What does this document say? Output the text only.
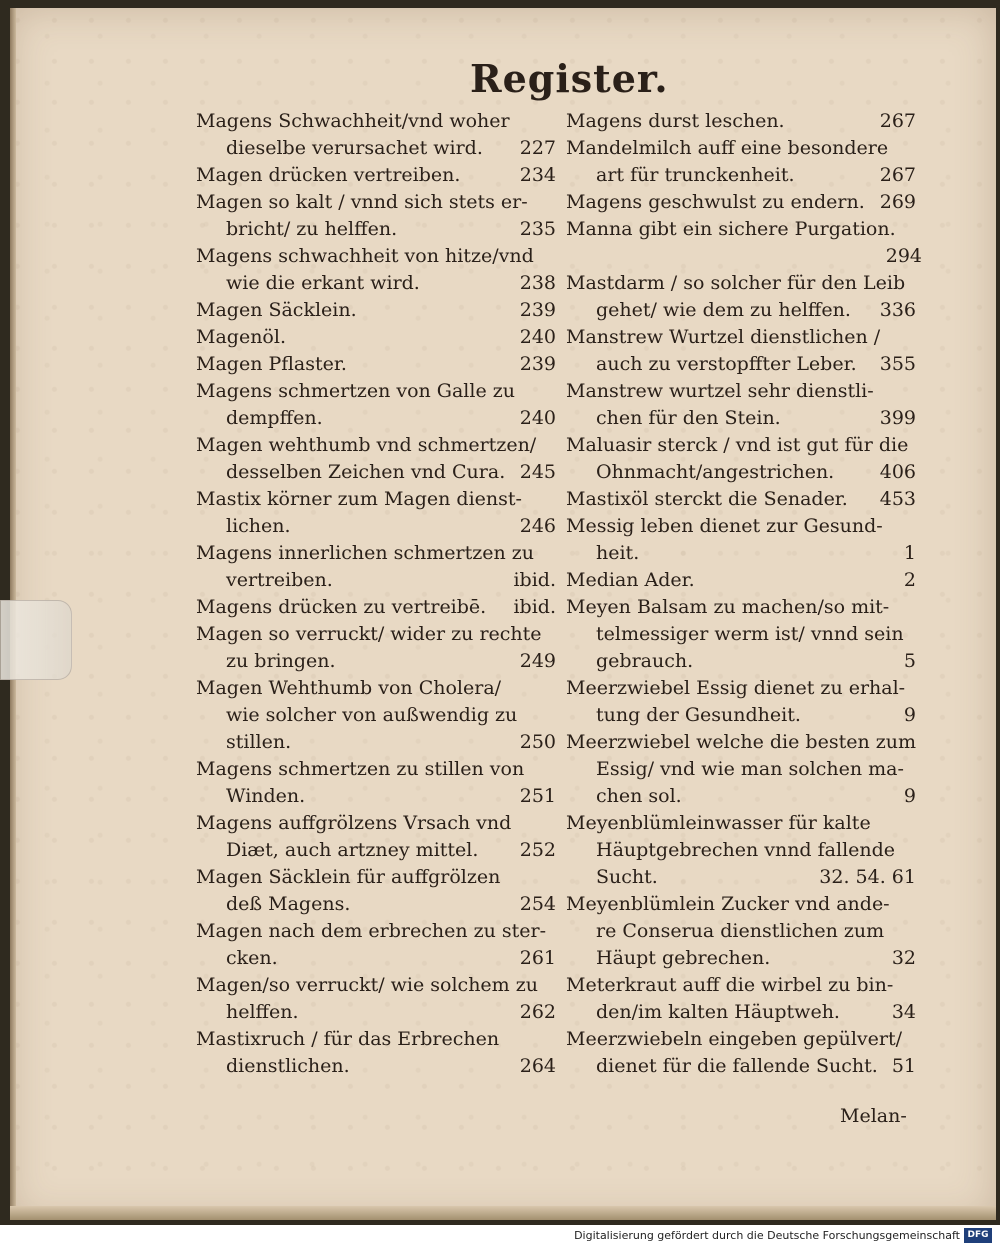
Register.
Magens Schwachheit/vnd woher
dieselbe verursachet wird. 227
Magen drücken vertreiben.	234
Magen so kalt / vnnd sich stets er-
bricht/ zu helffen.	235
Magens schwachheit von hitze/vnd
wie die erkant wird.	238
Magen Säcklein.	239
Magenöl.	240
Magen Pflaster.	239
Magens schmertzen von Galle zu
dempffen.	240
Magen wehthumb vnd schmertzen/
desselben Zeichen vnd Cura. 245
Mastix körner zum Magen dienst-
lichen.	246
Magens innerlichen schmertzen zu
vertreiben.	ibid.
Magens drücken zu vertreibē. ibid.
Magen so verruckt/ wider zu rechte
zu bringen.	249
Magen Wehthumb von Cholera/
wie solcher von außwendig zu
stillen.	250
Magens schmertzen zu stillen von
Winden.	251
Magens auffgrölzens Vrsach vnd
Diæt, auch artzney mittel. 252
Magen Säcklein für auffgrölzen
deß Magens.	254
Magen nach dem erbrechen zu ster-
cken.	261
Magen/so verruckt/ wie solchem zu
helffen.	262
Mastixruch / für das Erbrechen
dienstlichen.	264
Magens durst leschen.	267
Mandelmilch auff eine besondere
art für trunckenheit.	267
Magens geschwulst zu endern. 269
Manna gibt ein sichere Purgation.
294
Mastdarm / so solcher für den Leib
gehet/ wie dem zu helffen. 336
Manstrew Wurtzel dienstlichen /
auch zu verstopffter Leber. 355
Manstrew wurtzel sehr dienstli-
chen für den Stein.	399
Maluasir sterck / vnd ist gut für die
Ohnmacht/angestrichen. 406
Mastixöl sterckt die Senader. 453
Messig leben dienet zur Gesund-
heit.	1
Median Ader.	2
Meyen Balsam zu machen/so mit-
telmessiger werm ist/ vnnd sein
gebrauch.	5
Meerzwiebel Essig dienet zu erhal-
tung der Gesundheit.	9
Meerzwiebel welche die besten zum
Essig/ vnd wie man solchen ma-
chen sol.	9
Meyenblümleinwasser für kalte
Häuptgebrechen vnnd fallende
Sucht.	32. 54. 61
Meyenblümlein Zucker vnd ande-
re Conserua dienstlichen zum
Häupt gebrechen.	32
Meterkraut auff die wirbel zu bin-
den/im kalten Häuptweh.	34
Meerzwiebeln eingeben gepülvert/
dienet für die fallende Sucht. 51
Melan-
Digitalisierung gefördert durch die Deutsche Forschungsgemeinschaft DFG
